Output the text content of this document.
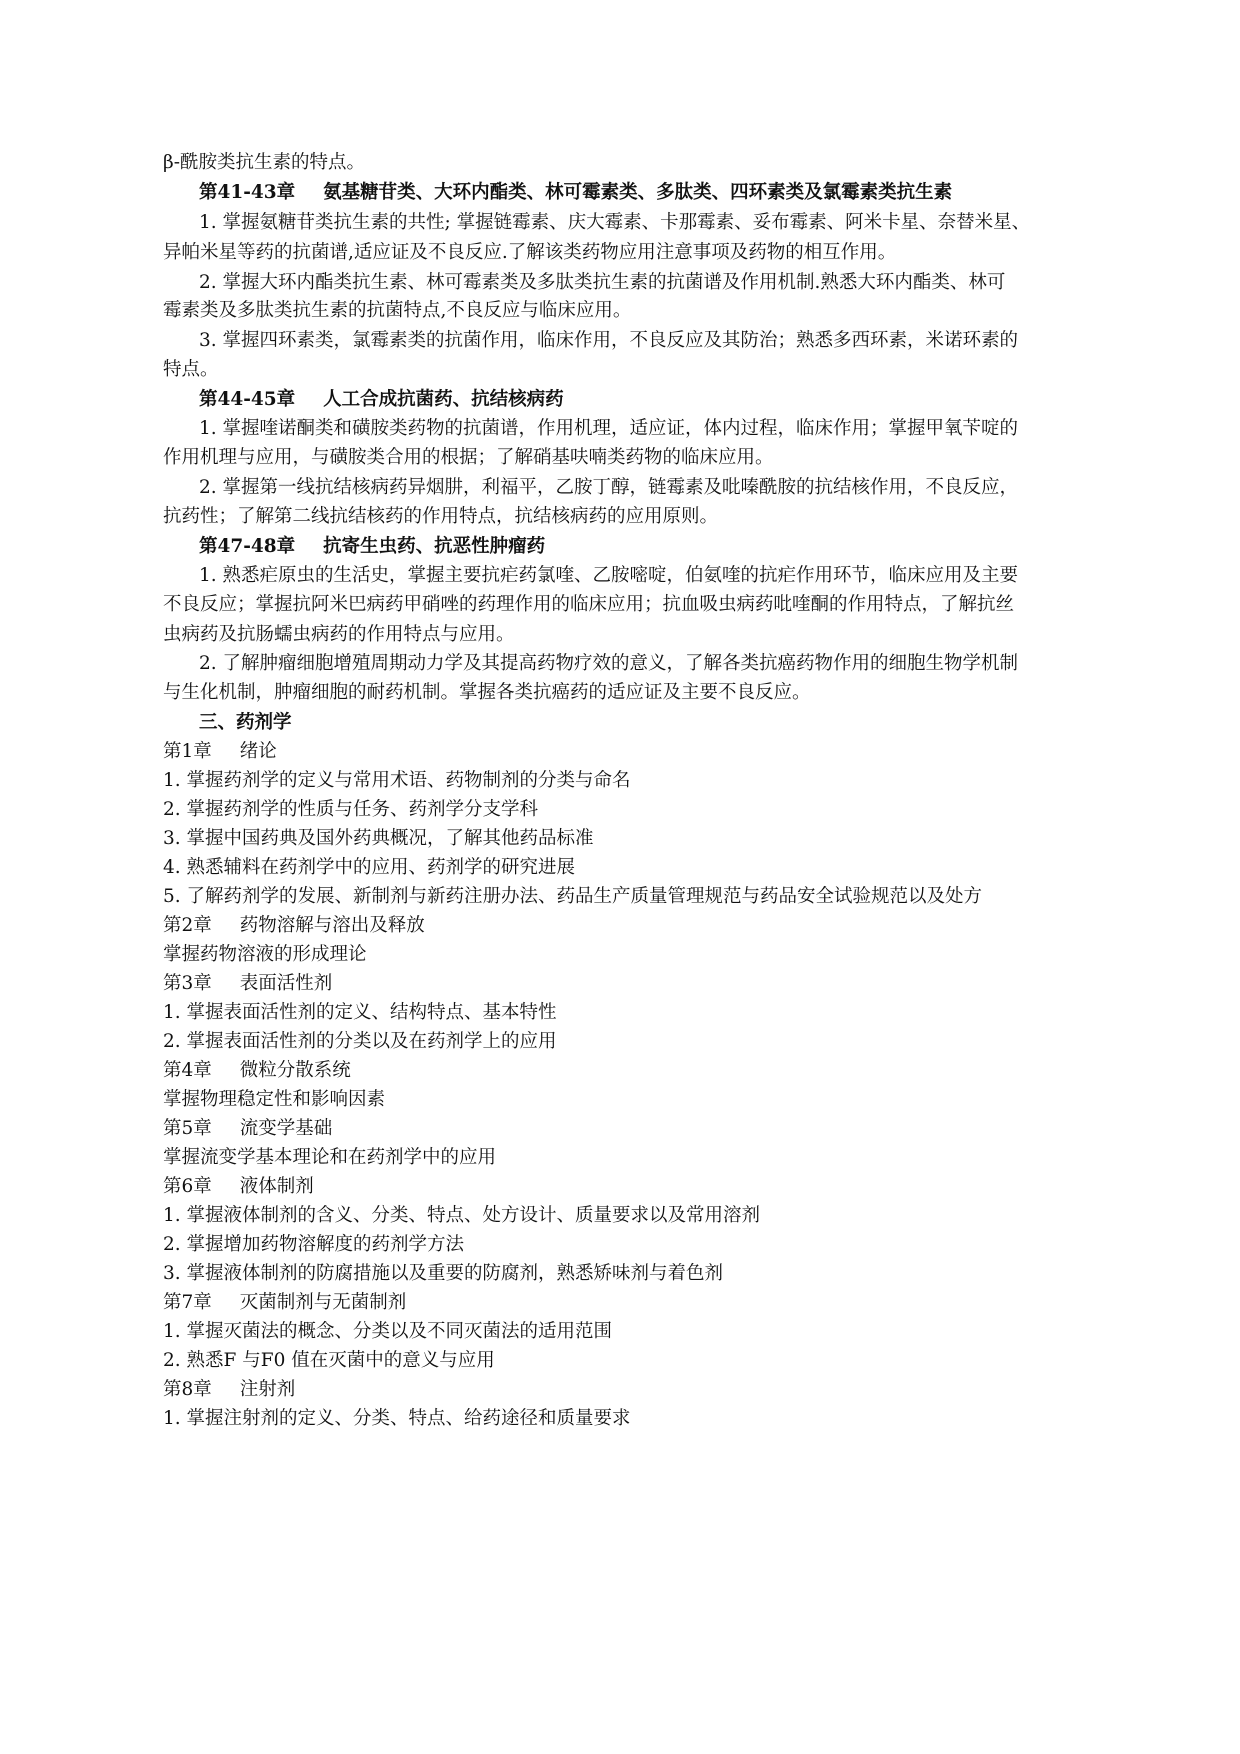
β-酰胺类抗生素的特点。
第41-43章 氨基糖苷类、大环内酯类、林可霉素类、多肽类、四环素类及氯霉素类抗生素
1. 掌握氨糖苷类抗生素的共性; 掌握链霉素、庆大霉素、卡那霉素、妥布霉素、阿米卡星、奈替米星、
异帕米星等药的抗菌谱,适应证及不良反应.了解该类药物应用注意事项及药物的相互作用。
2. 掌握大环内酯类抗生素、林可霉素类及多肽类抗生素的抗菌谱及作用机制.熟悉大环内酯类、林可
霉素类及多肽类抗生素的抗菌特点,不良反应与临床应用。
3. 掌握四环素类，氯霉素类的抗菌作用，临床作用，不良反应及其防治；熟悉多西环素，米诺环素的
特点。
第44-45章 人工合成抗菌药、抗结核病药
1. 掌握喹诺酮类和磺胺类药物的抗菌谱，作用机理，适应证，体内过程，临床作用；掌握甲氧苄啶的
作用机理与应用，与磺胺类合用的根据；了解硝基呋喃类药物的临床应用。
2. 掌握第一线抗结核病药异烟肼，利福平，乙胺丁醇，链霉素及吡嗪酰胺的抗结核作用，不良反应，
抗药性；了解第二线抗结核药的作用特点，抗结核病药的应用原则。
第47-48章 抗寄生虫药、抗恶性肿瘤药
1. 熟悉疟原虫的生活史，掌握主要抗疟药氯喹、乙胺嘧啶，伯氨喹的抗疟作用环节，临床应用及主要
不良反应；掌握抗阿米巴病药甲硝唑的药理作用的临床应用；抗血吸虫病药吡喹酮的作用特点，了解抗丝
虫病药及抗肠蠕虫病药的作用特点与应用。
2. 了解肿瘤细胞增殖周期动力学及其提高药物疗效的意义，了解各类抗癌药物作用的细胞生物学机制
与生化机制，肿瘤细胞的耐药机制。掌握各类抗癌药的适应证及主要不良反应。
三、药剂学
第1章 绪论
1. 掌握药剂学的定义与常用术语、药物制剂的分类与命名
2. 掌握药剂学的性质与任务、药剂学分支学科
3. 掌握中国药典及国外药典概况，了解其他药品标准
4. 熟悉辅料在药剂学中的应用、药剂学的研究进展
5. 了解药剂学的发展、新制剂与新药注册办法、药品生产质量管理规范与药品安全试验规范以及处方
第2章 药物溶解与溶出及释放
掌握药物溶液的形成理论
第3章 表面活性剂
1. 掌握表面活性剂的定义、结构特点、基本特性
2. 掌握表面活性剂的分类以及在药剂学上的应用
第4章 微粒分散系统
掌握物理稳定性和影响因素
第5章 流变学基础
掌握流变学基本理论和在药剂学中的应用
第6章 液体制剂
1. 掌握液体制剂的含义、分类、特点、处方设计、质量要求以及常用溶剂
2. 掌握增加药物溶解度的药剂学方法
3. 掌握液体制剂的防腐措施以及重要的防腐剂，熟悉矫味剂与着色剂
第7章 灭菌制剂与无菌制剂
1. 掌握灭菌法的概念、分类以及不同灭菌法的适用范围
2. 熟悉F 与F0 值在灭菌中的意义与应用
第8章 注射剂
1. 掌握注射剂的定义、分类、特点、给药途径和质量要求
